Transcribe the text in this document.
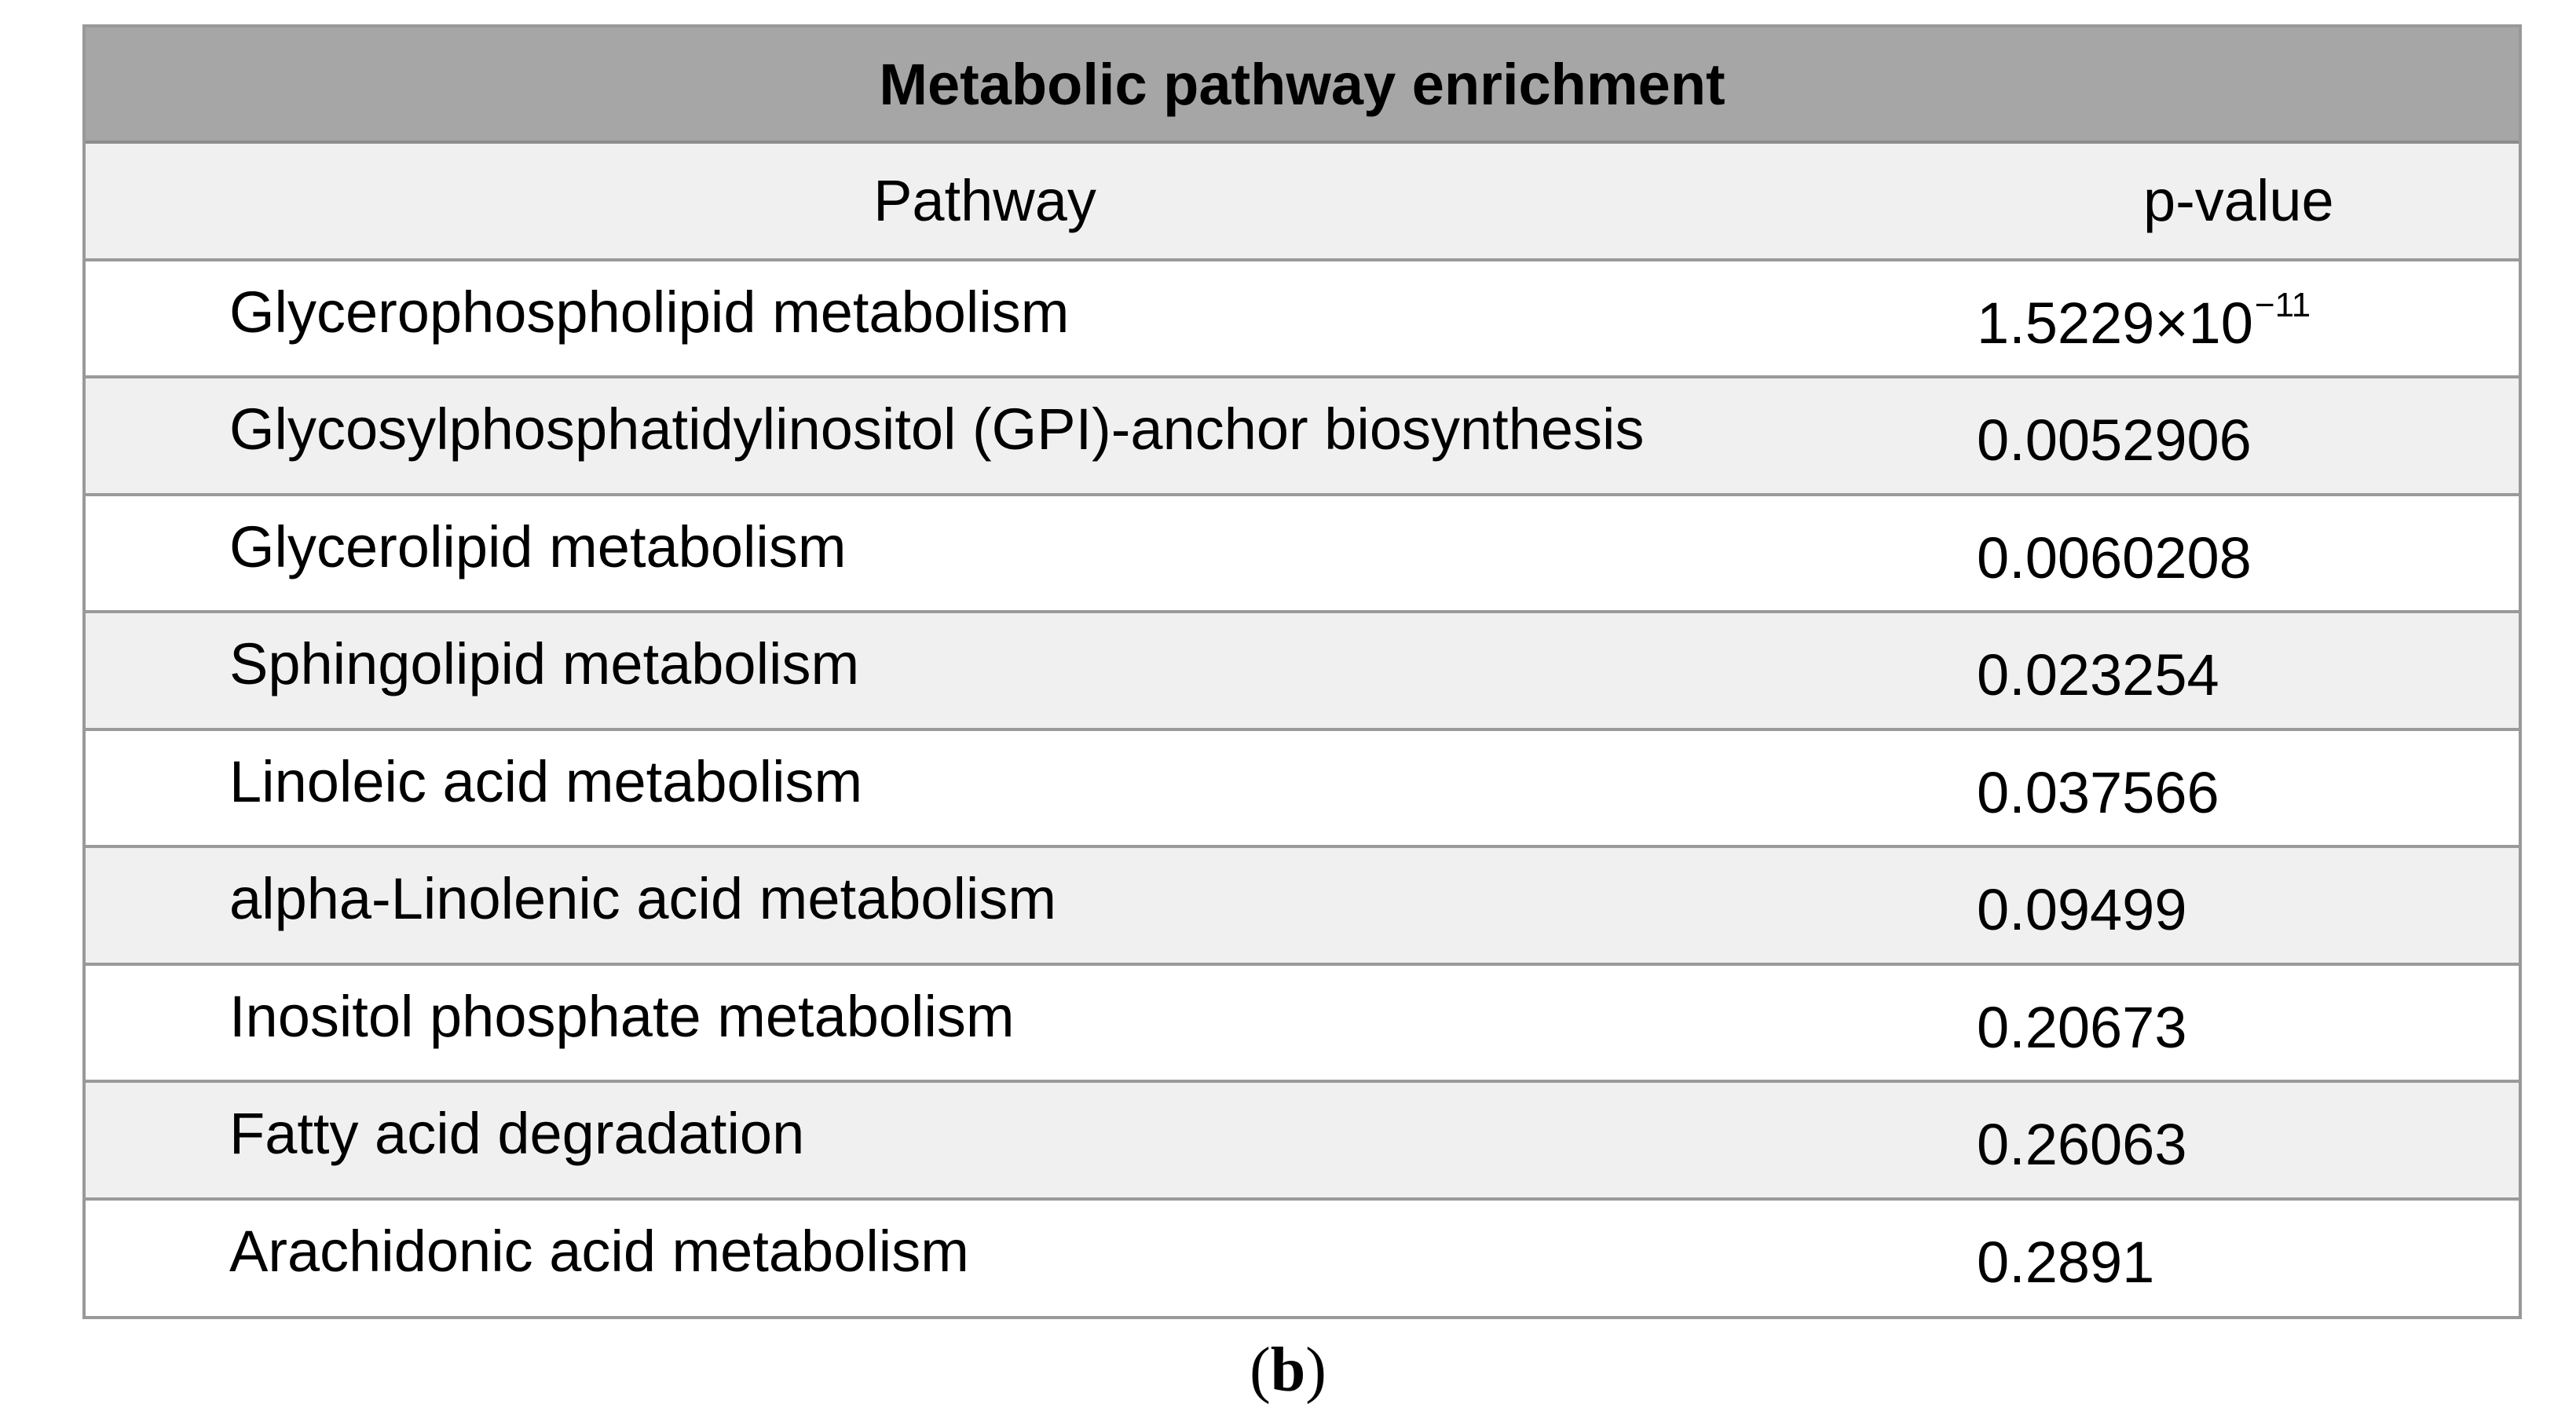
Metabolic pathway enrichment
Pathway	p-value
Glycerophospholipid metabolism	$1.5229\times 10^{-11}$
Glycosylphosphatidylinositol (GPI)-anchor biosynthesis	0.0052906
Glycerolipid metabolism	0.0060208
Sphingolipid metabolism	0.023254
Linoleic acid metabolism	0.037566
alpha-Linolenic acid metabolism	0.09499
Inositol phosphate metabolism	0.20673
Fatty acid degradation	0.26063
Arachidonic acid metabolism	0.2891
(b)
